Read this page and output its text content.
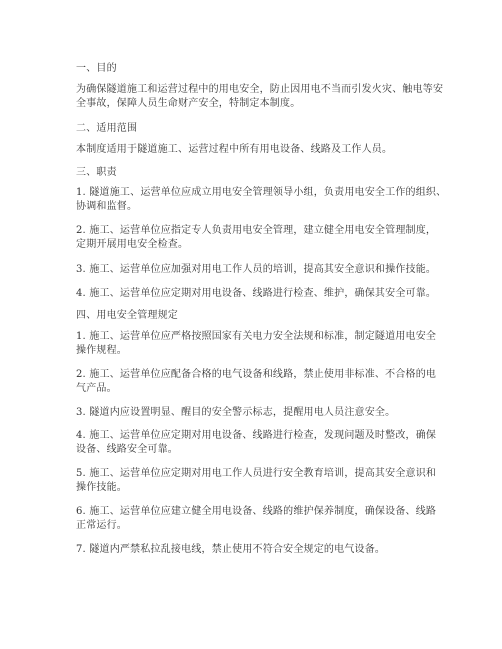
一、目的
为确保隧道施工和运营过程中的用电安全，防止因用电不当而引发火灾、触电等安
全事故，保障人员生命财产安全，特制定本制度。
二、适用范围
本制度适用于隧道施工、运营过程中所有用电设备、线路及工作人员。
三、职责
1. 隧道施工、运营单位应成立用电安全管理领导小组，负责用电安全工作的组织、
协调和监督。
2. 施工、运营单位应指定专人负责用电安全管理，建立健全用电安全管理制度，
定期开展用电安全检查。
3. 施工、运营单位应加强对用电工作人员的培训，提高其安全意识和操作技能。
4. 施工、运营单位应定期对用电设备、线路进行检查、维护，确保其安全可靠。
四、用电安全管理规定
1. 施工、运营单位应严格按照国家有关电力安全法规和标准，制定隧道用电安全
操作规程。
2. 施工、运营单位应配备合格的电气设备和线路，禁止使用非标准、不合格的电
气产品。
3. 隧道内应设置明显、醒目的安全警示标志，提醒用电人员注意安全。
4. 施工、运营单位应定期对用电设备、线路进行检查，发现问题及时整改，确保
设备、线路安全可靠。
5. 施工、运营单位应定期对用电工作人员进行安全教育培训，提高其安全意识和
操作技能。
6. 施工、运营单位应建立健全用电设备、线路的维护保养制度，确保设备、线路
正常运行。
7. 隧道内严禁私拉乱接电线，禁止使用不符合安全规定的电气设备。
